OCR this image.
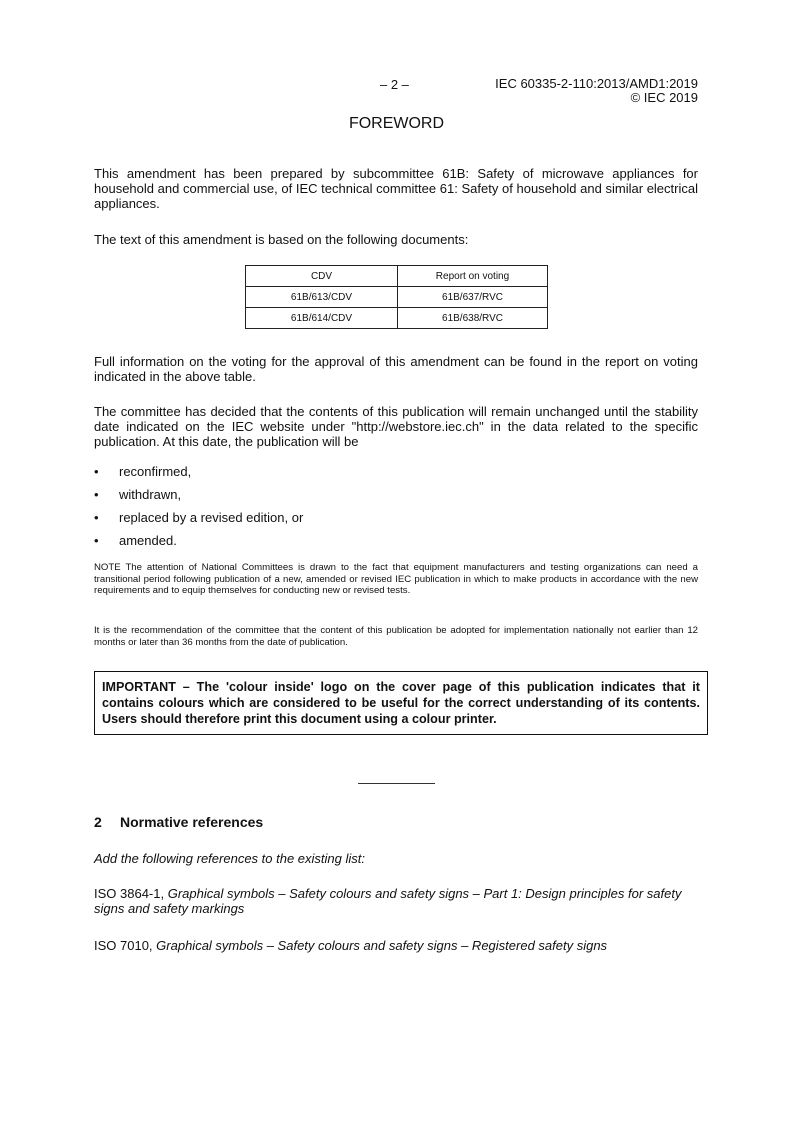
– 2 –	IEC 60335-2-110:2013/AMD1:2019
© IEC 2019
FOREWORD
This amendment has been prepared by subcommittee 61B: Safety of microwave appliances for household and commercial use, of IEC technical committee 61: Safety of household and similar electrical appliances.
The text of this amendment is based on the following documents:
CDV	Report on voting
61B/613/CDV	61B/637/RVC
61B/614/CDV	61B/638/RVC
Full information on the voting for the approval of this amendment can be found in the report on voting indicated in the above table.
The committee has decided that the contents of this publication will remain unchanged until the stability date indicated on the IEC website under "http://webstore.iec.ch" in the data related to the specific publication. At this date, the publication will be
• reconfirmed,
• withdrawn,
• replaced by a revised edition, or
• amended.
NOTE The attention of National Committees is drawn to the fact that equipment manufacturers and testing organizations can need a transitional period following publication of a new, amended or revised IEC publication in which to make products in accordance with the new requirements and to equip themselves for conducting new or revised tests.
It is the recommendation of the committee that the content of this publication be adopted for implementation nationally not earlier than 12 months or later than 36 months from the date of publication.
IMPORTANT – The 'colour inside' logo on the cover page of this publication indicates that it contains colours which are considered to be useful for the correct understanding of its contents. Users should therefore print this document using a colour printer.
2 Normative references
Add the following references to the existing list:
ISO 3864-1, Graphical symbols – Safety colours and safety signs – Part 1: Design principles for safety signs and safety markings
ISO 7010, Graphical symbols – Safety colours and safety signs – Registered safety signs
